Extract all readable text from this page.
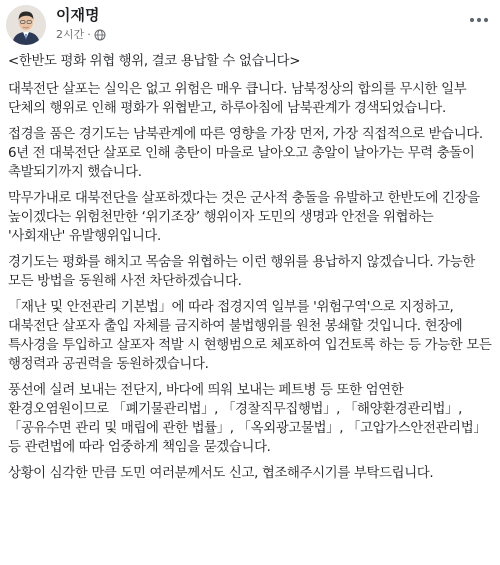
이재명
2시간 ·

<한반도 평화 위협 행위, 결코 용납할 수 없습니다>

대북전단 살포는 실익은 없고 위험은 매우 큽니다. 남북정상의 합의를 무시한 일부 단체의 행위로 인해 평화가 위협받고, 하루아침에 남북관계가 경색되었습니다.

접경을 품은 경기도는 남북관계에 따른 영향을 가장 먼저, 가장 직접적으로 받습니다. 6년 전 대북전단 살포로 인해 총탄이 마을로 날아오고 총알이 날아가는 무력 충돌이 촉발되기까지 했습니다.

막무가내로 대북전단을 살포하겠다는 것은 군사적 충돌을 유발하고 한반도에 긴장을 높이겠다는 위험천만한 ‘위기조장’ 행위이자 도민의 생명과 안전을 위협하는 '사회재난' 유발행위입니다.

경기도는 평화를 해치고 목숨을 위협하는 이런 행위를 용납하지 않겠습니다. 가능한 모든 방법을 동원해 사전 차단하겠습니다.

「재난 및 안전관리 기본법」에 따라 접경지역 일부를 '위험구역'으로 지정하고, 대북전단 살포자 출입 자체를 금지하여 불법행위를 원천 봉쇄할 것입니다. 현장에 특사경을 투입하고 살포자 적발 시 현행범으로 체포하여 입건토록 하는 등 가능한 모든 행정력과 공권력을 동원하겠습니다.

풍선에 실려 보내는 전단지, 바다에 띄워 보내는 페트병 등 또한 엄연한 환경오염원이므로 「폐기물관리법」, 「경찰직무집행법」, 「해양환경관리법」, 「공유수면 관리 및 매립에 관한 법률」, 「옥외광고물법」, 「고압가스안전관리법」 등 관련법에 따라 엄중하게 책임을 묻겠습니다.

상황이 심각한 만큼 도민 여러분께서도 신고, 협조해주시기를 부탁드립니다.
